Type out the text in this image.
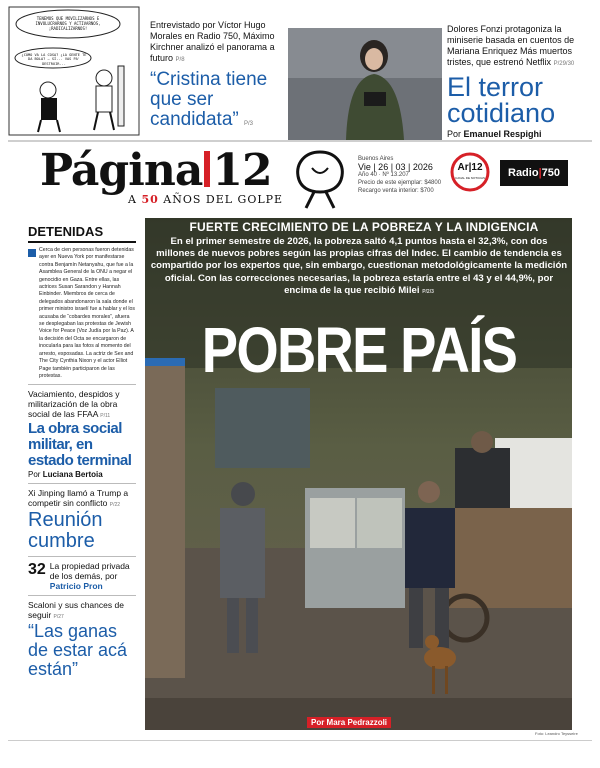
TENEMOS QUE MOVILIZARNOS E INVOLUCRARNOS Y ACTIVARNOS, ¡RADICALIZARNOS!
¿CÓMO VA LA COSA? ¿LA GENTE TE DA BOLA? — SÍ... VAS PA' DESTRUIR...
Entrevistado por Víctor Hugo Morales en Radio 750, Máximo Kirchner analizó el panorama a futuro P/8
“Cristina tiene que ser candidata” P/3
Dolores Fonzi protagoniza la miniserie basada en cuentos de Mariana Enriquez Más muertos tristes, que estrenó Netflix P/29/30
El terror cotidiano
Por Emanuel Respighi
Página 12
A 50 AÑOS DEL GOLPE
Buenos Aires
Vie | 26 | 03 | 2026
Año 40 · Nº 13.207
Precio de este ejemplar: $4800
Recargo venta interior: $700
Ar|12
CANAL DE NOTICIAS	Radio|750
DETENIDAS
Cerca de cien personas fueron detenidas ayer en Nueva York por manifestarse contra Benjamín Netanyahu, que fue a la Asamblea General de la ONU a negar el genocidio en Gaza. Entre ellas, las actrices Susan Sarandon y Hannah Einbinder. Miembros de cerca de delegados abandonaron la sala donde el primer ministro israelí fue a hablar y el los acusaba de “cobardes morales”, afuera se desplegaban las protestas de Jewish Voice for Peace (Voz Judía por la Paz). A la decisión del Octa se encargaron de inocularla para las fotos al momento del arresto, esposadas. La actriz de Sex and The City Cynthia Nixon y el actor Elliot Page también participaron de las protestas.
Vaciamiento, despidos y militarización de la obra social de las FFAA P/11
La obra social militar, en estado terminal
Por Luciana Bertoia
Xi Jinping llamó a Trump a competir sin conflicto P/22
Reunión cumbre
32 La propiedad privada de los demás, por Patricio Pron
Scaloni y sus chances de seguir P/27
“Las ganas de estar acá están”
FUERTE CRECIMIENTO DE LA POBREZA Y LA INDIGENCIA
En el primer semestre de 2026, la pobreza saltó 4,1 puntos hasta el 32,3%, con dos millones de nuevos pobres según las propias cifras del Indec. El cambio de tendencia es compartido por los expertos que, sin embargo, cuestionan metodológicamente la medición oficial. Con las correcciones necesarias, la pobreza estaría entre el 43 y el 44,9%, por encima de la que recibió Milei P/2/3
POBRE PAÍS
Por Mara Pedrazzoli
Foto: Leandro Teysseire
